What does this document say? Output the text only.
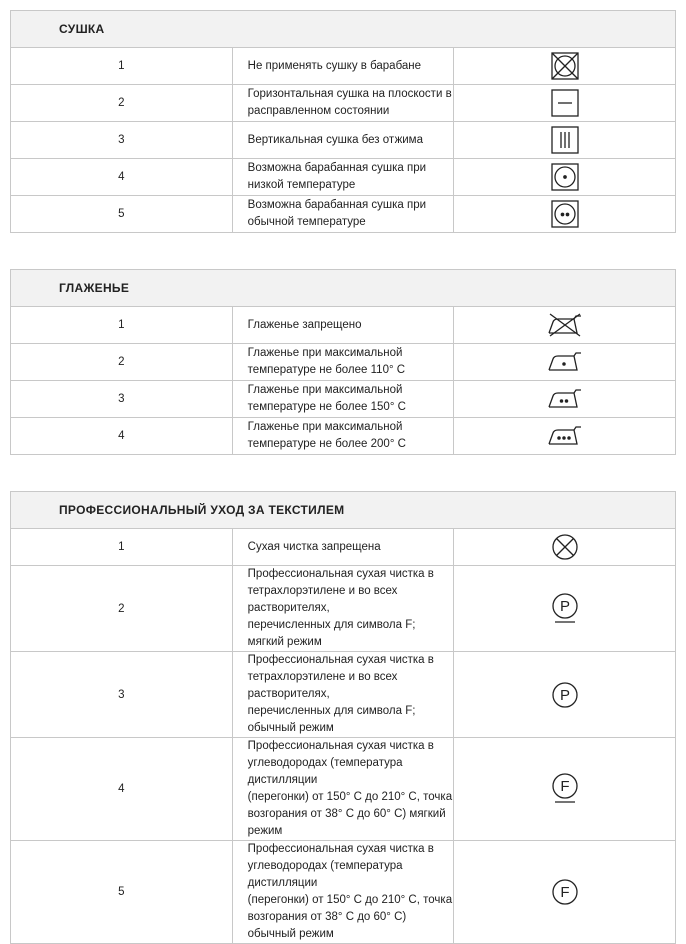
СУШКА		
1	Не применять сушку в барабане	

2	Горизонтальная сушка на плоскости в расправленном состоянии	

3	Вертикальная сушка без отжима	

4	Возможна барабанная сушка при низкой температуре	

5	Возможна барабанная сушка при обычной температуре	
ГЛАЖЕНЬЕ		
1	Глаженье запрещено	

2	Глаженье при максимальной температуре не более 110° С	

3	Глаженье при максимальной температуре не более 150° С	

4	Глаженье при максимальной температуре не более 200° С	
ПРОФЕССИОНАЛЬНЫЙ УХОД ЗА ТЕКСТИЛЕМ		
1	Сухая чистка запрещена	

2	Профессиональная сухая чистка в тетрахлорэтилене и во всех растворителях,
перечисленных для символа F; мягкий режим	P

3	Профессиональная сухая чистка в тетрахлорэтилене и во всех растворителях,
перечисленных для символа F; обычный режим	P

4	Профессиональная сухая чистка в углеводородах (температура дистилляции
(перегонки) от 150° С до 210° С, точка возгорания от 38° С до 60° С) мягкий режим	F

5	Профессиональная сухая чистка в углеводородах (температура дистилляции
(перегонки) от 150° С до 210° С, точка возгорания от 38° С до 60° С) обычный режим	F
